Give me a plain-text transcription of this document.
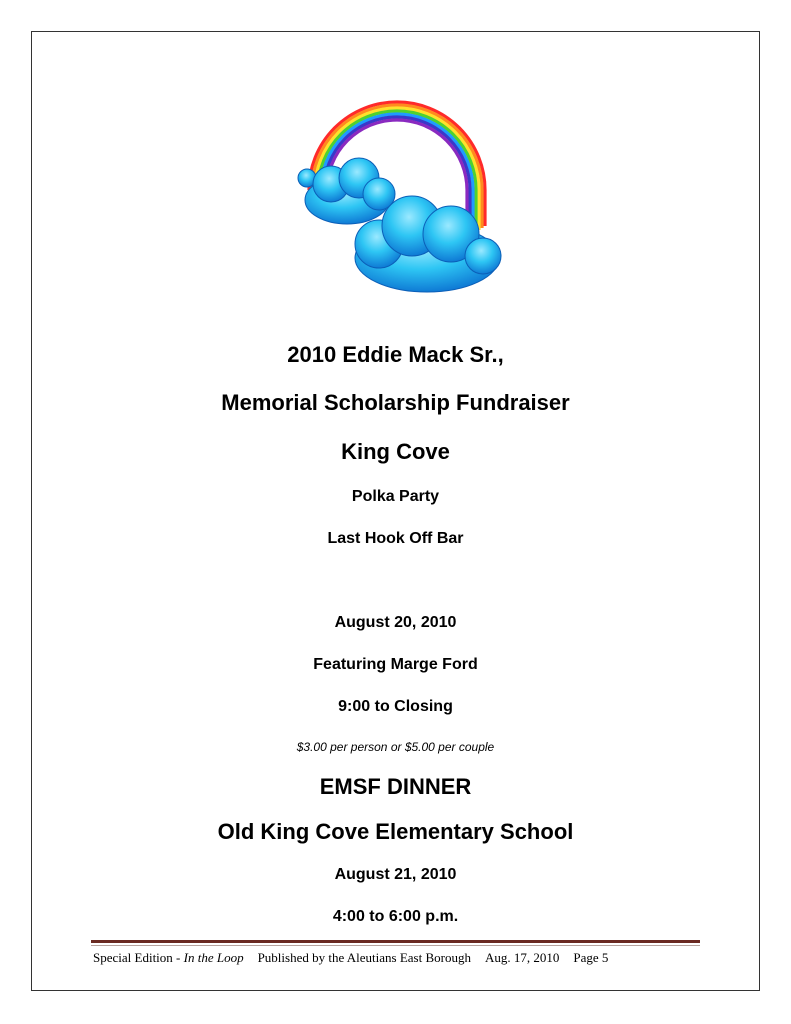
2010 Eddie Mack Sr.,
Memorial Scholarship Fundraiser
King Cove
Polka Party
Last Hook Off Bar
August 20, 2010
Featuring Marge Ford
9:00 to Closing
$3.00 per person or $5.00 per couple
EMSF DINNER
Old King Cove Elementary School
August 21, 2010
4:00 to 6:00 p.m.
Special Edition - In the Loop Published by the Aleutians East Borough Aug. 17, 2010 Page 5
